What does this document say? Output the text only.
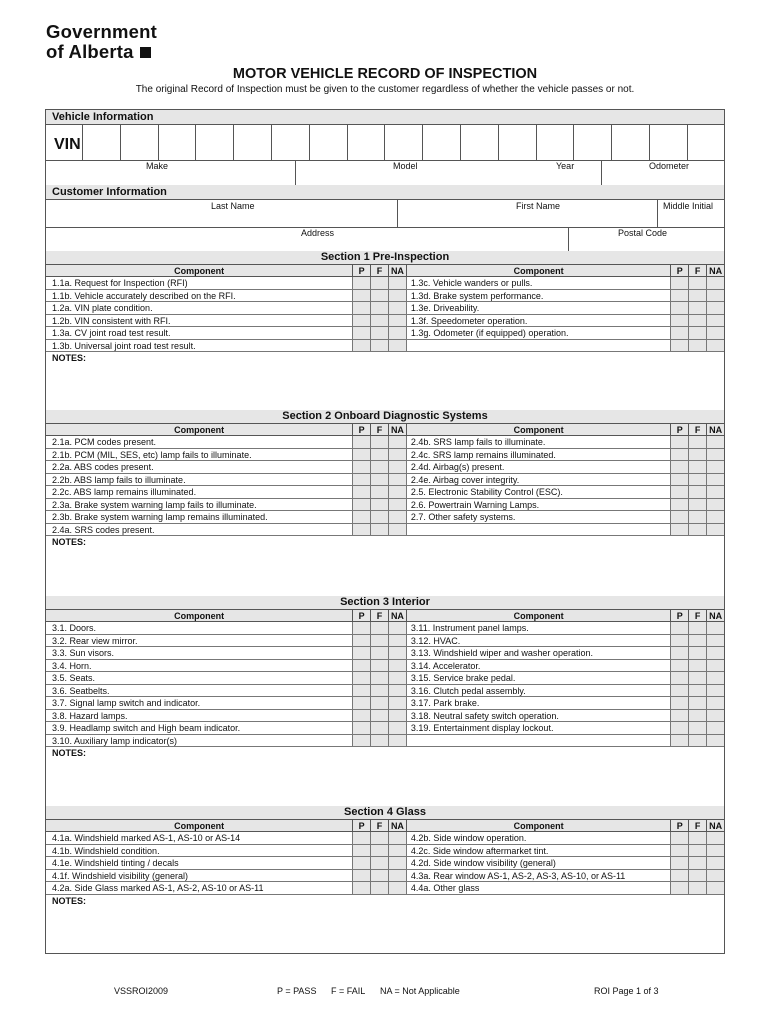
Government
of Alberta
MOTOR VEHICLE RECORD OF INSPECTION
The original Record of Inspection must be given to the customer regardless of whether the vehicle passes or not.
Vehicle Information
VIN
Make	Model	Year	Odometer
Customer Information
Last Name	First Name	Middle Initial
Address	Postal Code
Section 1 Pre-Inspection
Component	P	F NA	Component	P	F NA
1.1a. Request for Inspection (RFI)	1.3c. Vehicle wanders or pulls.
1.1b. Vehicle accurately described on the RFI.	1.3d. Brake system performance.
1.2a. VIN plate condition.	1.3e. Driveability.
1.2b. VIN consistent with RFI.	1.3f. Speedometer operation.
1.3a. CV joint road test result.	1.3g. Odometer (if equipped) operation.
1.3b. Universal joint road test result.
NOTES:
Section 2 Onboard Diagnostic Systems
Component	P	F NA	Component	P	F NA
2.1a. PCM codes present.	2.4b. SRS lamp fails to illuminate.
2.1b. PCM (MIL, SES, etc) lamp fails to illuminate.	2.4c. SRS lamp remains illuminated.
2.2a. ABS codes present.	2.4d. Airbag(s) present.
2.2b. ABS lamp fails to illuminate.	2.4e. Airbag cover integrity.
2.2c. ABS lamp remains illuminated.	2.5. Electronic Stability Control (ESC).
2.3a. Brake system warning lamp fails to illuminate.	2.6. Powertrain Warning Lamps.
2.3b. Brake system warning lamp remains illuminated.	2.7. Other safety systems.
2.4a. SRS codes present.
NOTES:
Section 3 Interior
Component	P	F NA	Component	P	F NA
3.1. Doors.	3.11. Instrument panel lamps.
3.2. Rear view mirror.	3.12. HVAC.
3.3. Sun visors.	3.13. Windshield wiper and washer operation.
3.4. Horn.	3.14. Accelerator.
3.5. Seats.	3.15. Service brake pedal.
3.6. Seatbelts.	3.16. Clutch pedal assembly.
3.7. Signal lamp switch and indicator.	3.17. Park brake.
3.8. Hazard lamps.	3.18. Neutral safety switch operation.
3.9. Headlamp switch and High beam indicator.	3.19. Entertainment display lockout.
3.10. Auxiliary lamp indicator(s)
NOTES:
Section 4 Glass
Component	P	F NA	Component	P	F NA
4.1a. Windshield marked AS-1, AS-10 or AS-14	4.2b. Side window operation.
4.1b. Windshield condition.	4.2c. Side window aftermarket tint.
4.1e. Windshield tinting / decals	4.2d. Side window visibility (general)
4.1f. Windshield visibility (general)	4.3a. Rear window AS-1, AS-2, AS-3, AS-10, or AS-11
4.2a. Side Glass marked AS-1, AS-2, AS-10 or AS-11	4.4a. Other glass
NOTES:
VSSROI2009	P = PASS F = FAIL NA = Not Applicable	ROI Page 1 of 3
